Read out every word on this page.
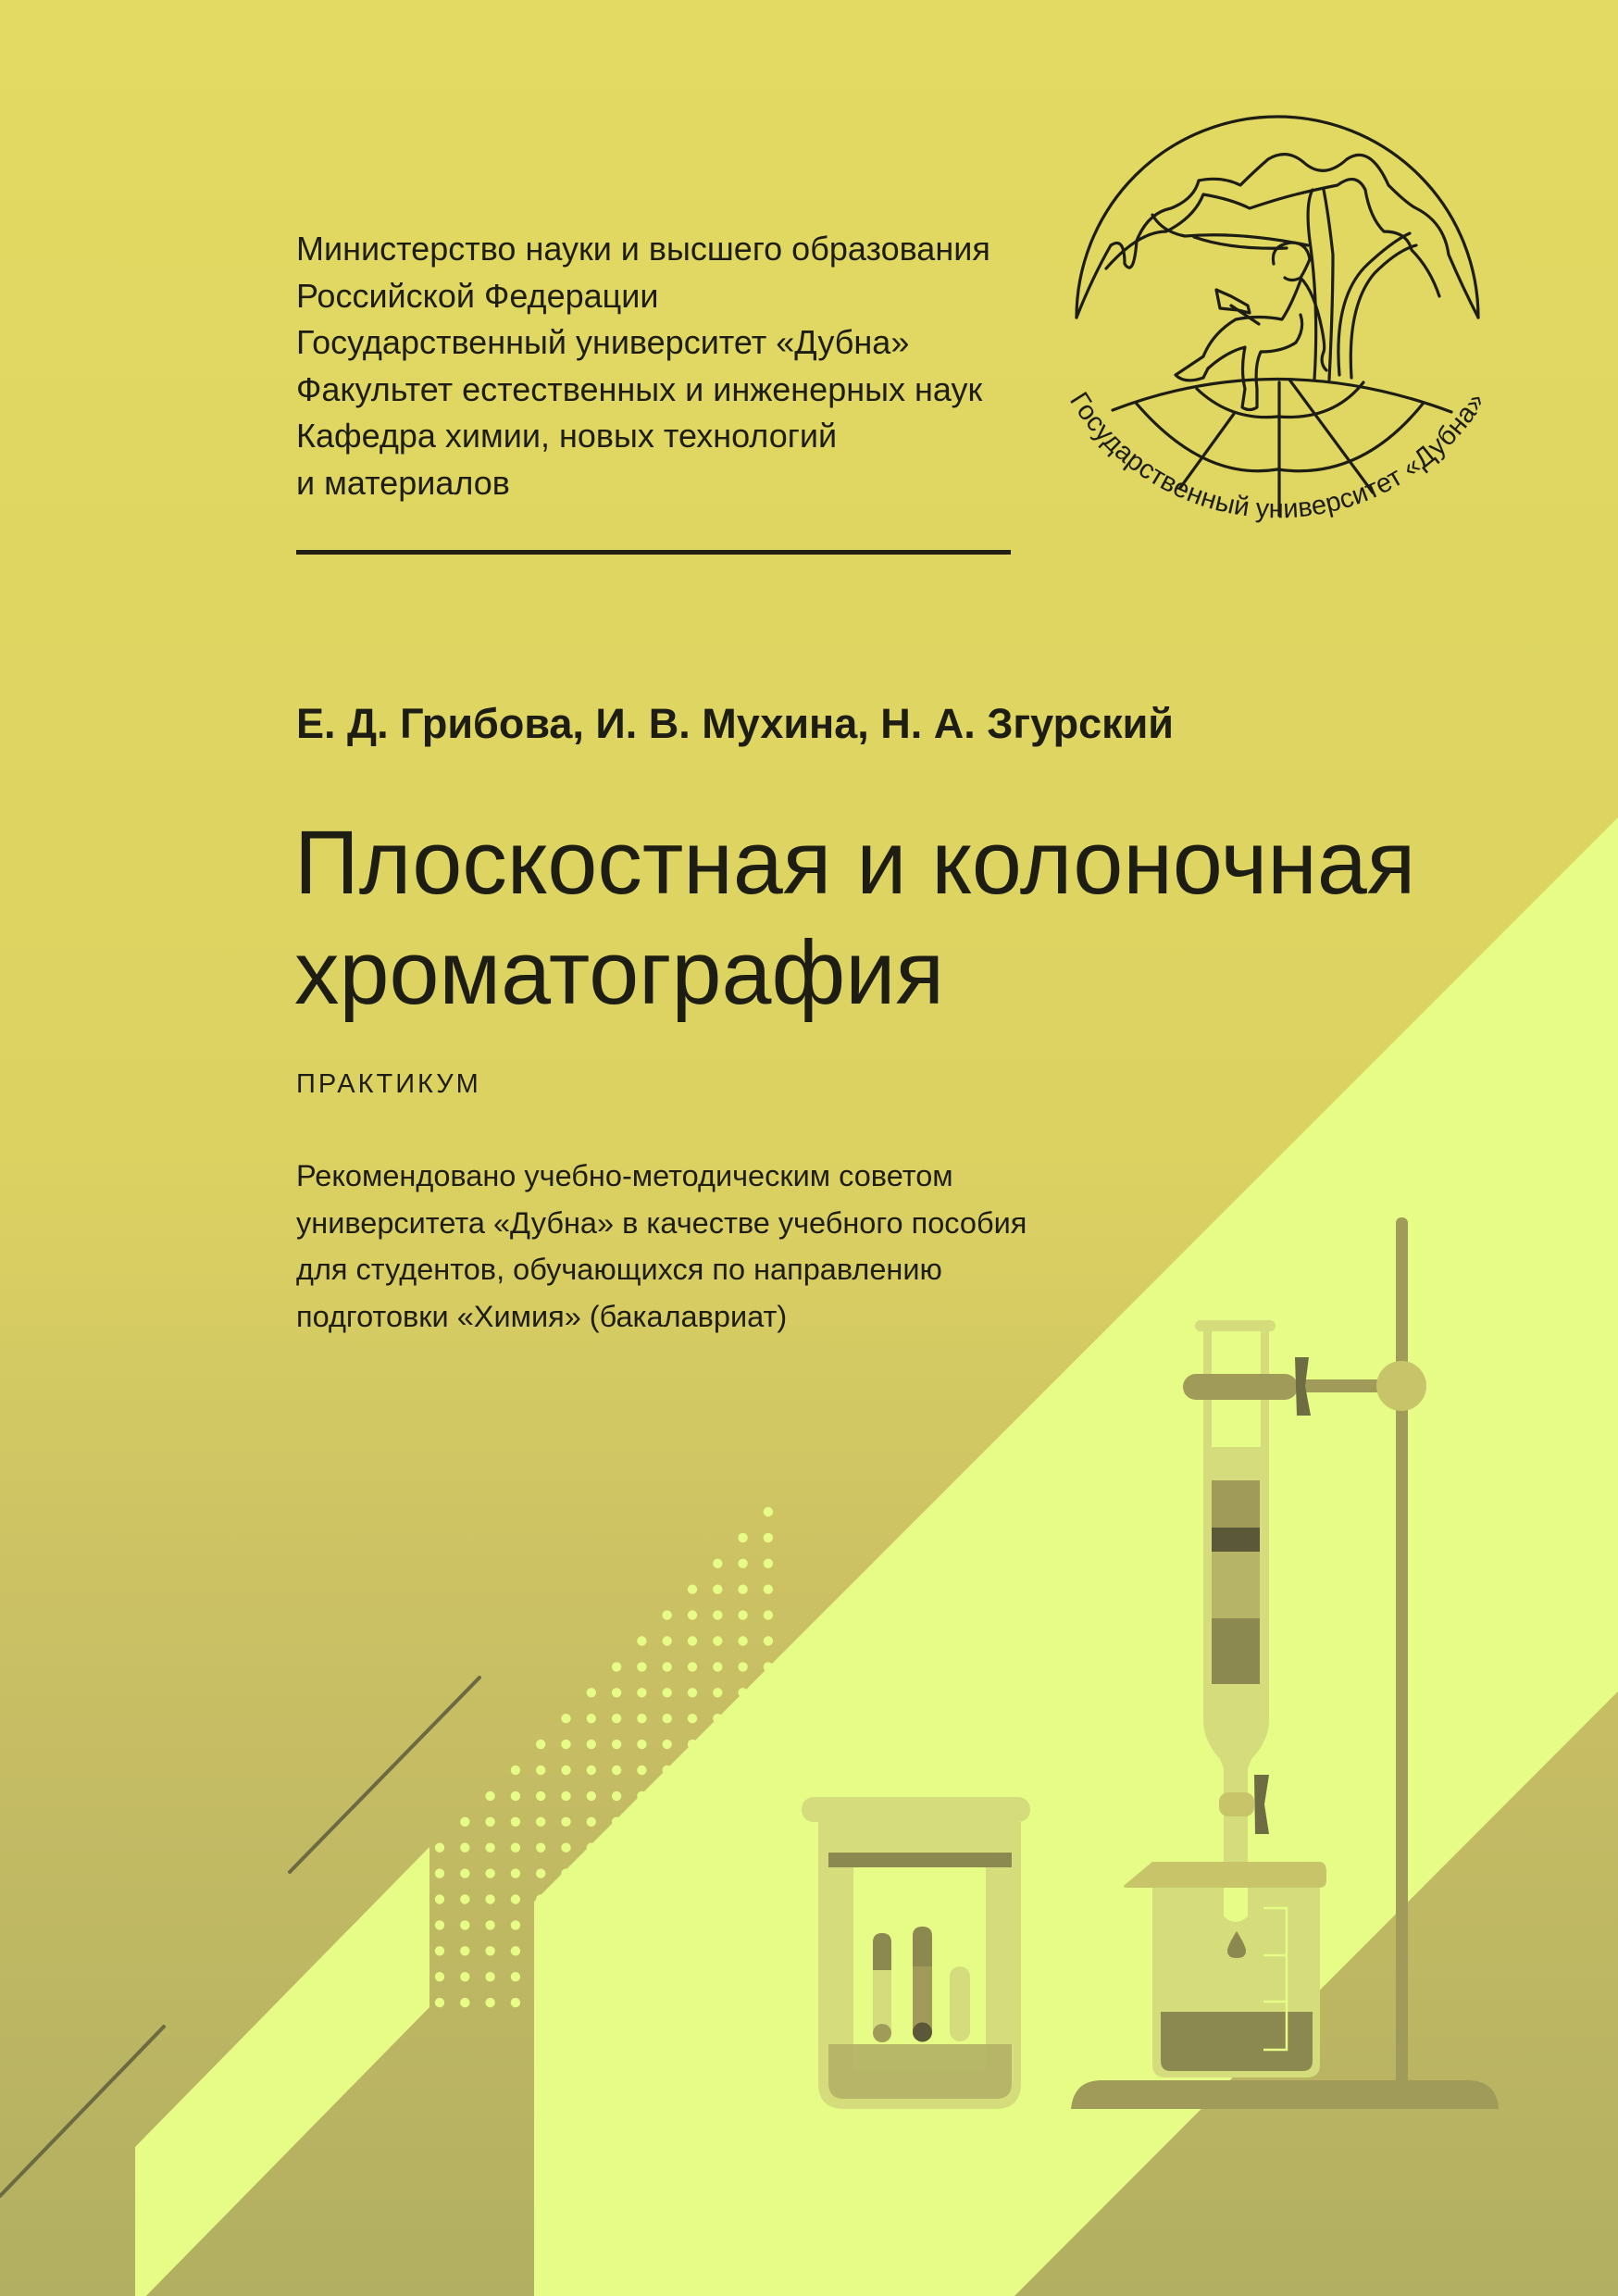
Государственный университет «Дубна»
Министерство науки и высшего образования
Российской Федерации
Государственный университет «Дубна»
Факультет естественных и инженерных наук
Кафедра химии, новых технологий
и материалов
Е. Д. Грибова, И. В. Мухина, Н. А. Згурский
Плоскостная и колоночная
хроматография
ПРАКТИКУМ
Рекомендовано учебно-методическим советом
университета «Дубна» в качестве учебного пособия
для студентов, обучающихся по направлению
подготовки «Химия» (бакалавриат)
